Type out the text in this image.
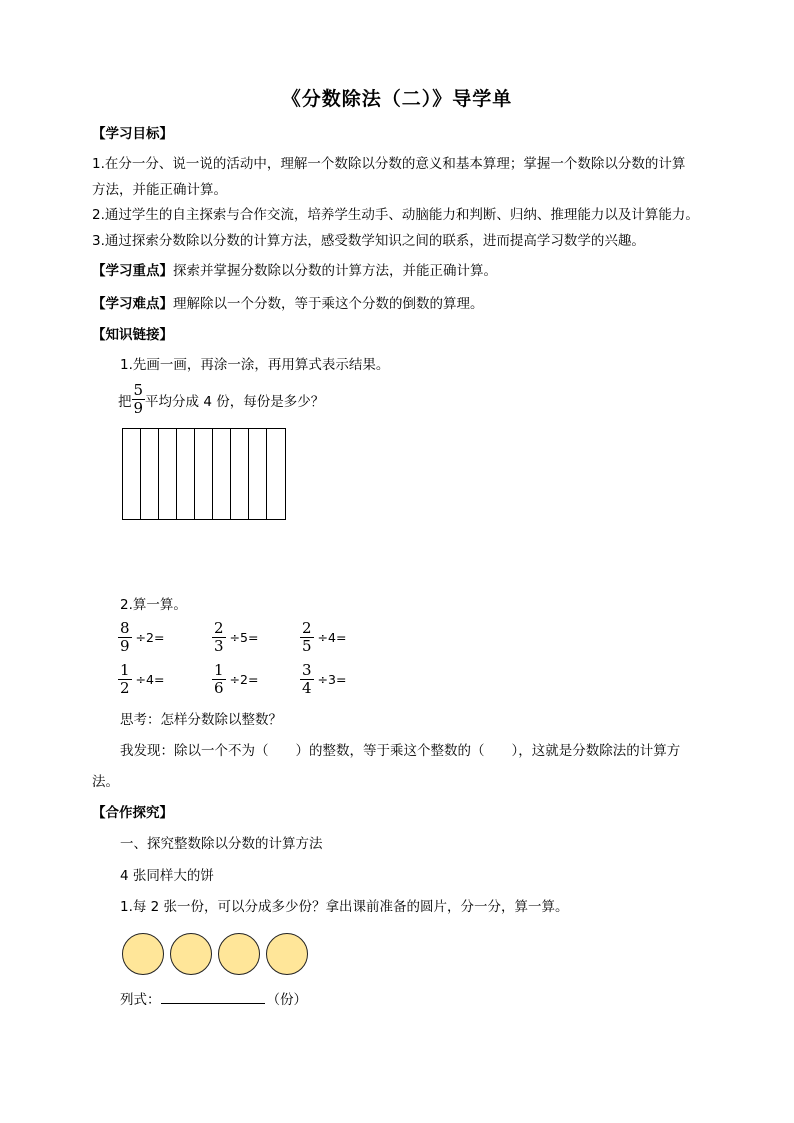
《分数除法（二）》导学单
【学习目标】
1.在分一分、说一说的活动中，理解一个数除以分数的意义和基本算理；掌握一个数除以分数的计算
方法，并能正确计算。
2.通过学生的自主探索与合作交流，培养学生动手、动脑能力和判断、归纳、推理能力以及计算能力。
3.通过探索分数除以分数的计算方法，感受数学知识之间的联系，进而提高学习数学的兴趣。
【学习重点】探索并掌握分数除以分数的计算方法，并能正确计算。
【学习难点】理解除以一个分数，等于乘这个分数的倒数的算理。
【知识链接】
1.先画一画，再涂一涂，再用算式表示结果。
把 $\frac{5}{9}$ 平均分成 4 份，每份是多少？
2.算一算。
$\frac{8}{9} \div 2=$	$\frac{2}{3} \div 5=$	$\frac{2}{5} \div 4=$
$\frac{1}{2} \div 4=$	$\frac{1}{6} \div 2=$	$\frac{3}{4} \div 3=$
思考：怎样分数除以整数？
我发现：除以一个不为（　　）的整数，等于乘这个整数的（　　），这就是分数除法的计算方
法。
【合作探究】
一、探究整数除以分数的计算方法
4 张同样大的饼
1.每 2 张一份，可以分成多少份？拿出课前准备的圆片，分一分，算一算。
列式：	（份）
